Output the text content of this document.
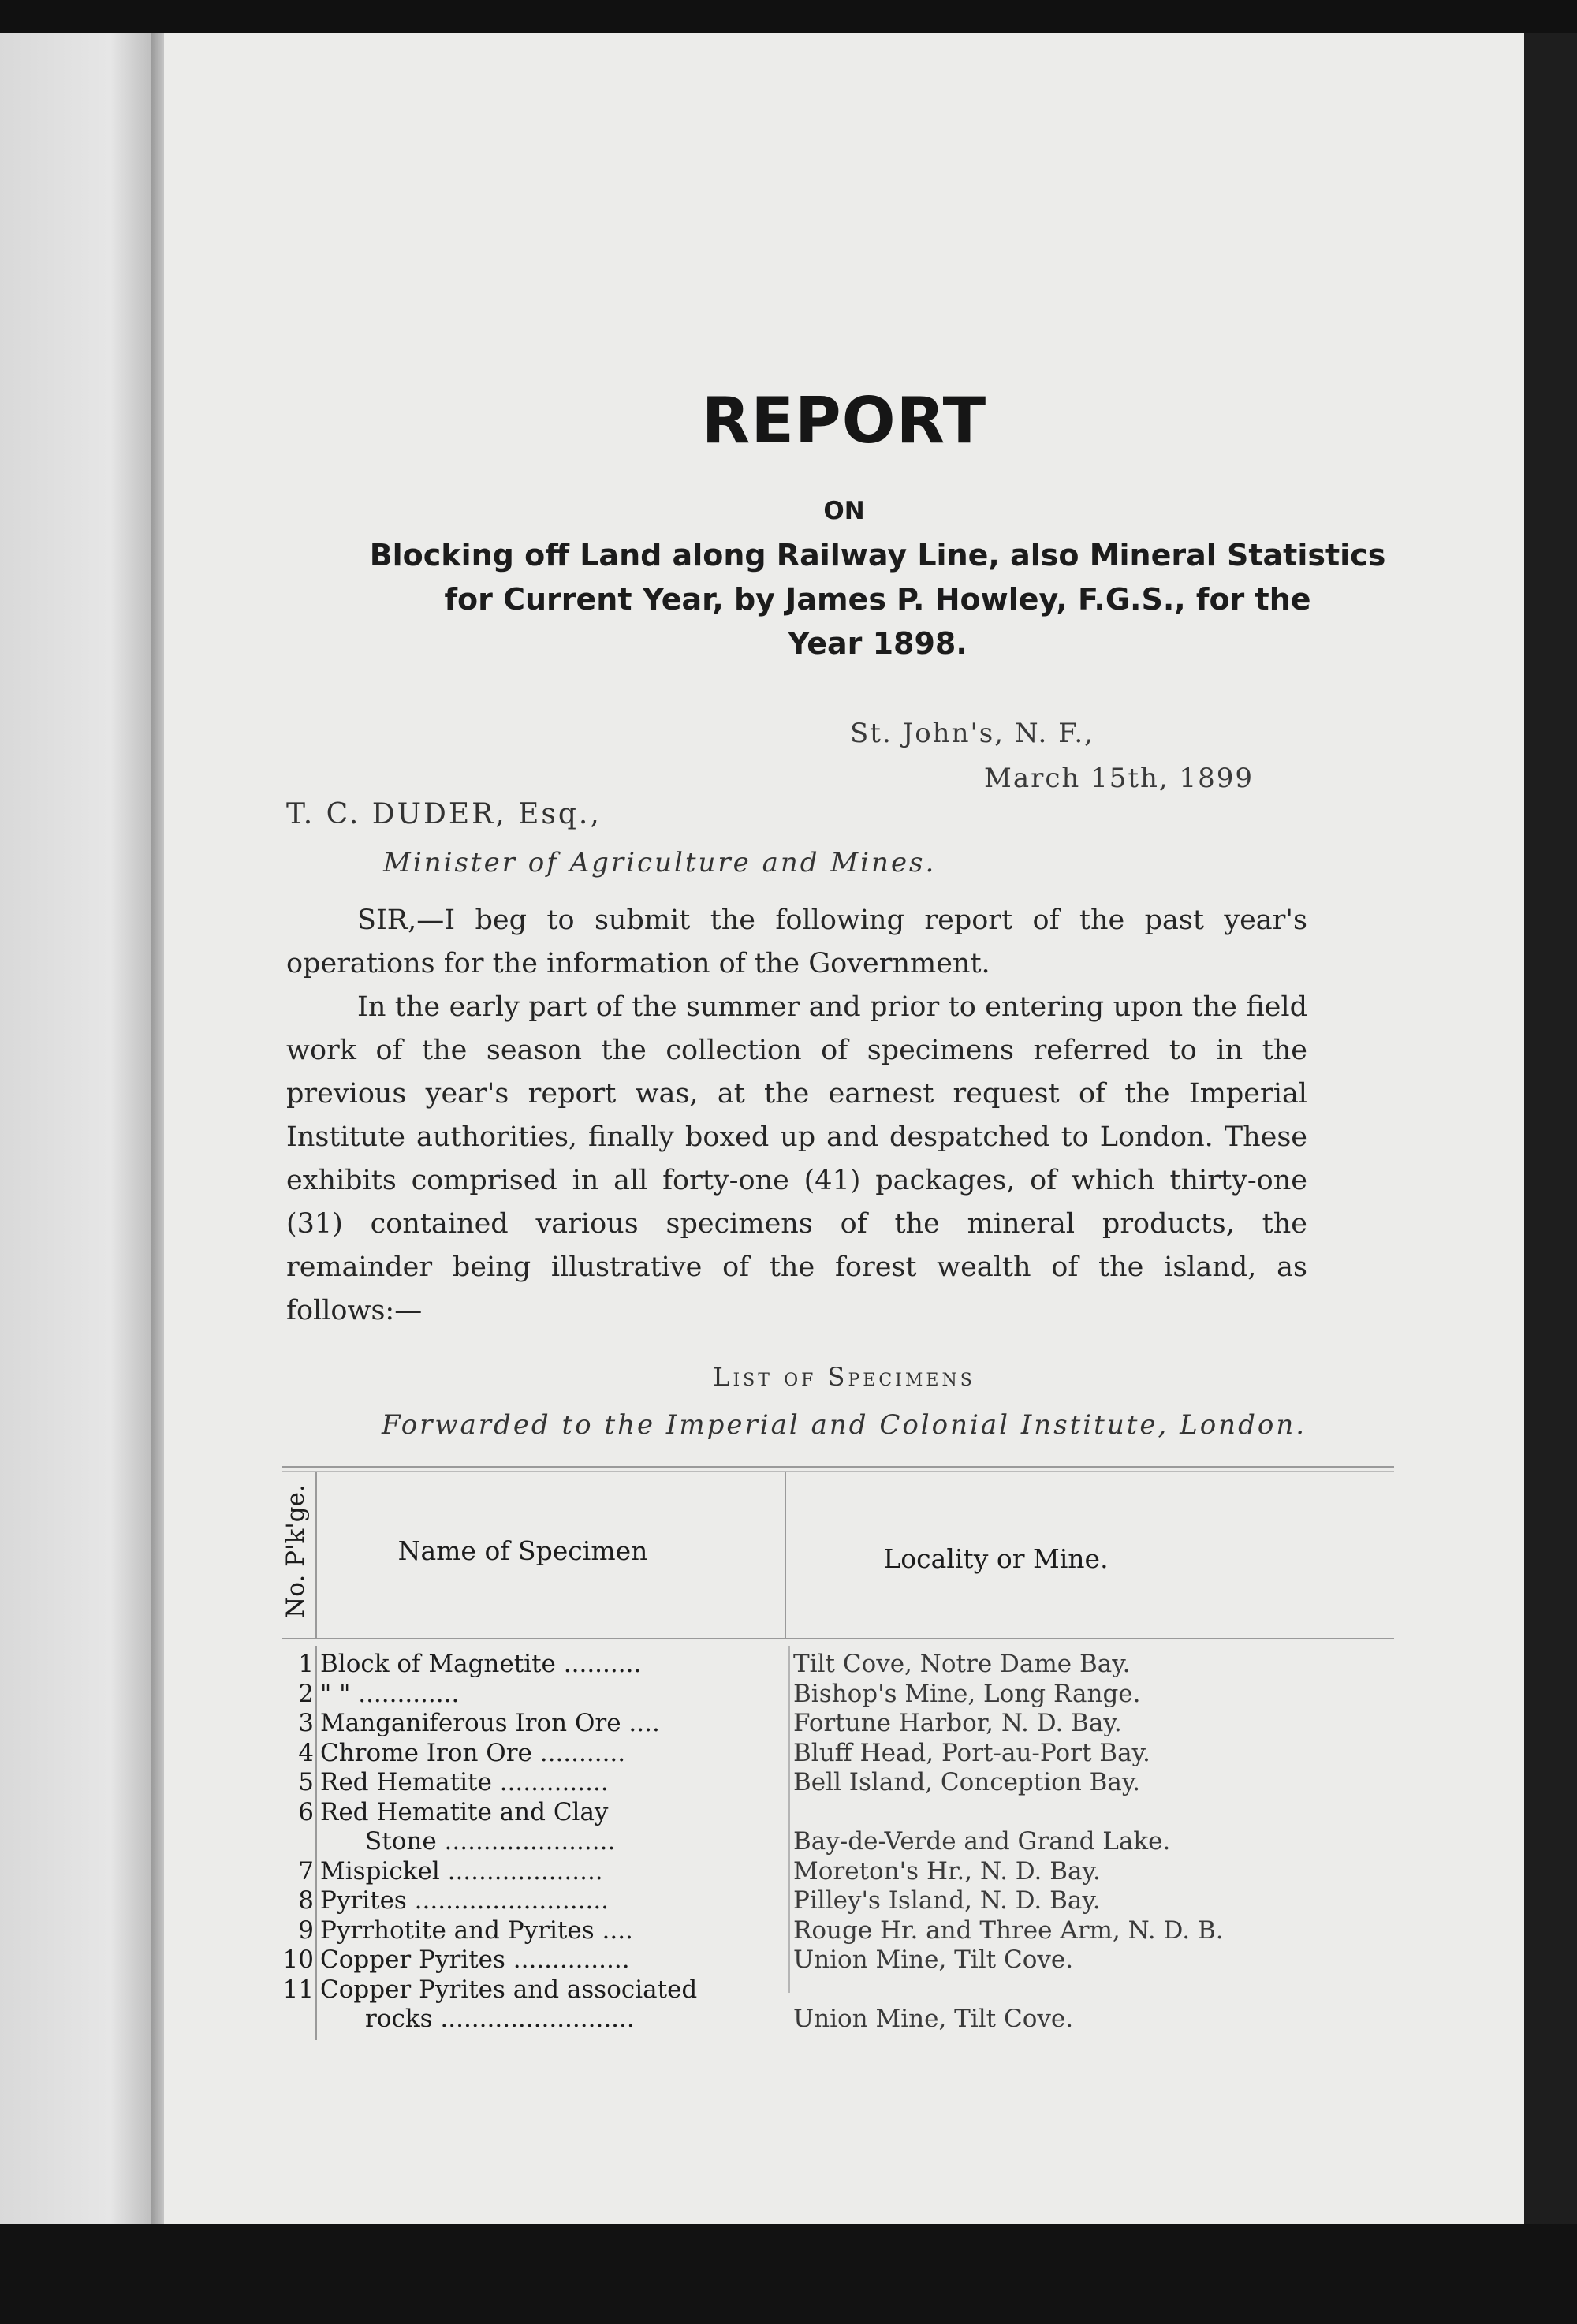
REPORT
ON
Blocking off Land along Railway Line, also Mineral Statistics
for Current Year, by James P. Howley, F.G.S., for the
Year 1898.
St. John's, N. F.,
March 15th, 1899
T. C. DUDER, Esq.,
Minister of Agriculture and Mines.

SIR,—I beg to submit the following report of the past year's operations for the information of the Government.

In the early part of the summer and prior to entering upon the field work of the season the collection of specimens referred to in the previous year's report was, at the earnest request of the Imperial Institute authorities, finally boxed up and despatched to London. These exhibits comprised in all forty-one (41) packages, of which thirty-one (31) contained various specimens of the mineral products, the remainder being illustrative of the forest wealth of the island, as follows:—

List of Specimens
Forwarded to the Imperial and Colonial Institute, London.
No. P'k'ge.	Name of Specimen	Locality or Mine.
1 Block of Magnetite ..........	Tilt Cove, Notre Dame Bay.
2 " " .............	Bishop's Mine, Long Range.
3 Manganiferous Iron Ore ....	Fortune Harbor, N. D. Bay.
4 Chrome Iron Ore ...........	Bluff Head, Port-au-Port Bay.
5 Red Hematite ..............	Bell Island, Conception Bay.
6 Red Hematite and Clay
Stone ......................	Bay-de-Verde and Grand Lake.
7 Mispickel ....................	Moreton's Hr., N. D. Bay.
8 Pyrites .........................	Pilley's Island, N. D. Bay.
9 Pyrrhotite and Pyrites ....	Rouge Hr. and Three Arm, N. D. B.
10 Copper Pyrites ...............	Union Mine, Tilt Cove.
11 Copper Pyrites and associated
rocks .........................	Union Mine, Tilt Cove.
